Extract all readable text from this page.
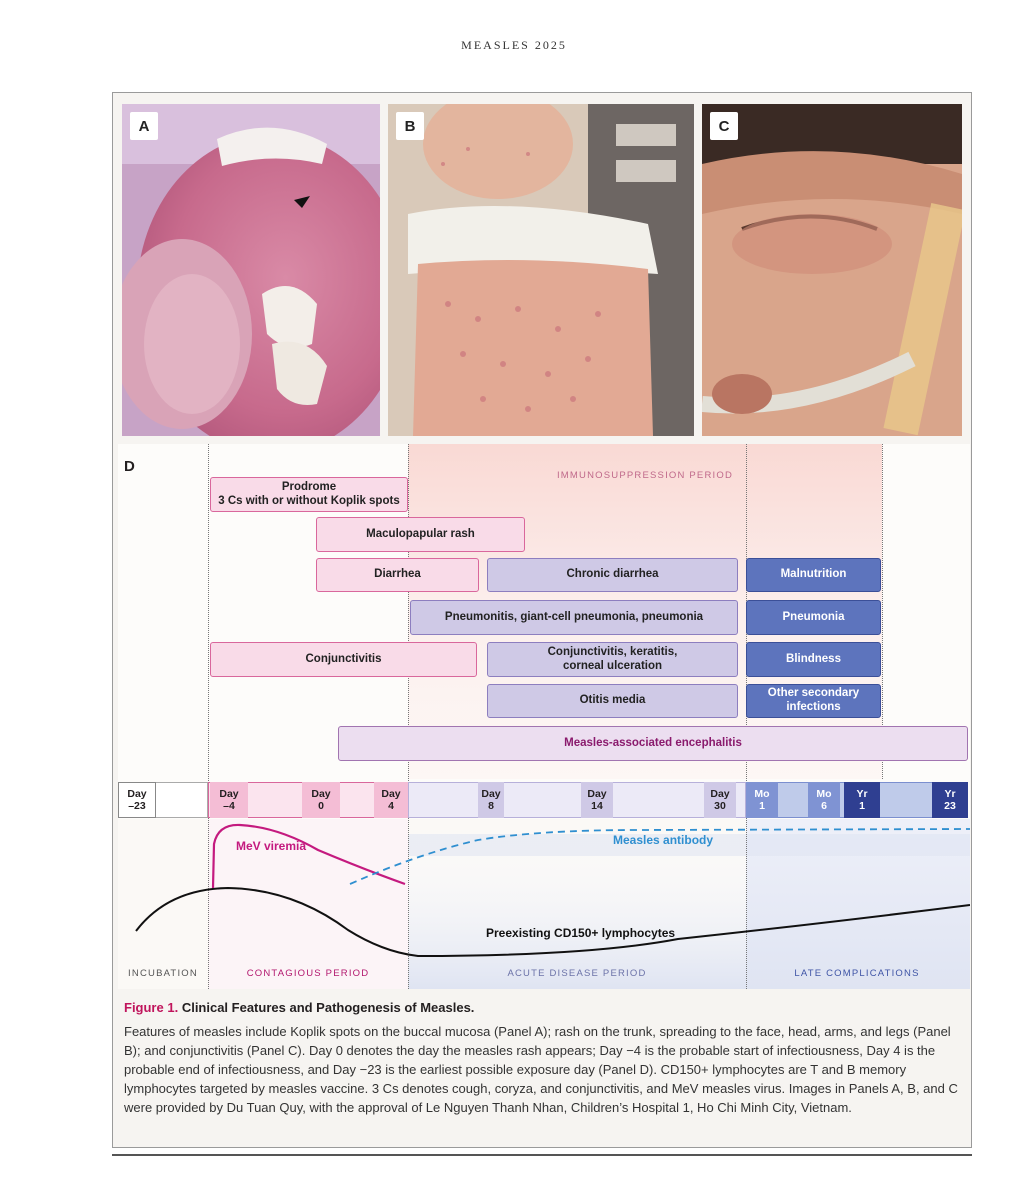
MEASLES 2025
A	B	C
D
IMMUNOSUPPRESSION PERIOD
Prodrome
3 Cs with or without Koplik spots
Maculopapular rash
Diarrhea	Chronic diarrhea	Malnutrition
Pneumonitis, giant-cell pneumonia, pneumonia	Pneumonia
Conjunctivitis
Conjunctivitis, keratitis,
corneal ulceration
Blindness
Otitis media
Other secondary
infections
Measles-associated encephalitis
Day
–23
Day
–4
Day
0
Day
4
Day
8
Day
14
Day
30
Mo
1
Mo
6
Yr
1
Yr
23
MeV viremia	Measles antibody
Preexisting CD150+ lymphocytes
INCUBATION	CONTAGIOUS PERIOD	ACUTE DISEASE PERIOD	LATE COMPLICATIONS
Figure 1. Clinical Features and Pathogenesis of Measles.
Features of measles include Koplik spots on the buccal mucosa (Panel A); rash on the trunk, spreading to the face, head, arms, and legs (Panel B); and conjunctivitis (Panel C). Day 0 denotes the day the measles rash appears; Day −4 is the probable start of infectiousness, Day 4 is the probable end of infectiousness, and Day −23 is the earliest possible exposure day (Panel D). CD150+ lymphocytes are T and B memory lymphocytes targeted by measles vaccine. 3 Cs denotes cough, coryza, and conjunctivitis, and MeV measles virus. Images in Panels A, B, and C were provided by Du Tuan Quy, with the approval of Le Nguyen Thanh Nhan, Children’s Hospital 1, Ho Chi Minh City, Vietnam.
